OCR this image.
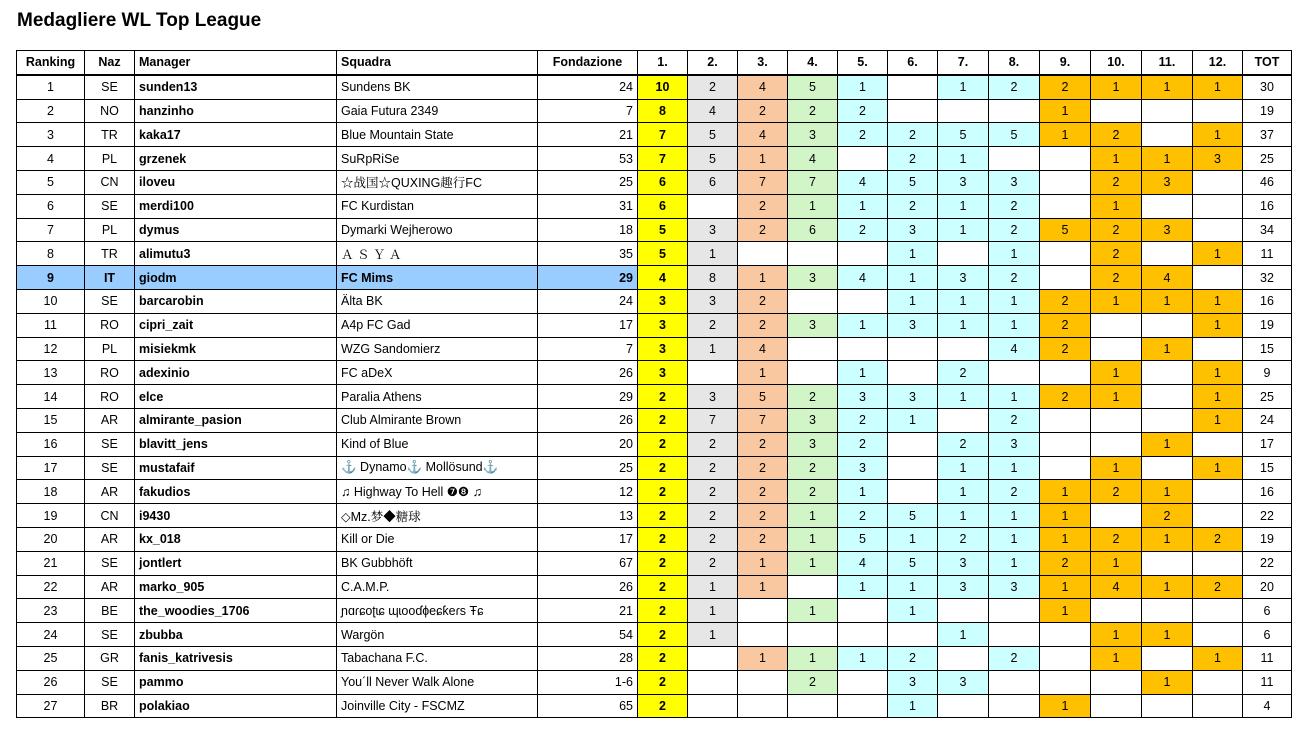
Medagliere WL Top League
Ranking	Naz	Manager	Squadra	Fondazione	1.	2.	3.	4.	5.	6.	7.	8.	9.	10.	11.	12.	TOT
1	SE	sunden13	Sundens BK	24	10	2	4	5	1		1	2	2	1	1	1	30
2	NO	hanzinho	Gaia Futura 2349	7	8	4	2	2	2				1				19
3	TR	kaka17	Blue Mountain State	21	7	5	4	3	2	2	5	5	1	2		1	37
4	PL	grzenek	SuRpRiSe	53	7	5	1	4		2	1			1	1	3	25
5	CN	iloveu	☆战国☆QUXING趣行FC	25	6	6	7	7	4	5	3	3		2	3		46
6	SE	merdi100	FC Kurdistan	31	6		2	1	1	2	1	2		1			16
7	PL	dymus	Dymarki Wejherowo	18	5	3	2	6	2	3	1	2	5	2	3		34
8	TR	alimutu3	Ａ Ｓ Ｙ Ａ	35	5	1				1		1		2		1	11
9	IT	giodm	FC Mims	29	4	8	1	3	4	1	3	2		2	4		32
10	SE	barcarobin	Älta BK	24	3	3	2			1	1	1	2	1	1	1	16
11	RO	cipri_zait	A4p FC Gad	17	3	2	2	3	1	3	1	1	2			1	19
12	PL	misiekmk	WZG Sandomierz	7	3	1	4					4	2		1		15
13	RO	adexinio	FC aDeX	26	3		1		1		2			1		1	9
14	RO	elce	Paralia Athens	29	2	3	5	2	3	3	1	1	2	1		1	25
15	AR	almirante_pasion	Club Almirante Brown	26	2	7	7	3	2	1		2				1	24
16	SE	blavitt_jens	Kind of Blue	20	2	2	2	3	2		2	3			1		17
17	SE	mustafaif	⚓ Dynamo⚓ Mollösund⚓	25	2	2	2	2	3		1	1		1		1	15
18	AR	fakudios	♫ Highway To Hell ❼❽ ♫	12	2	2	2	2	1		1	2	1	2	1		16
19	CN	i9430	◇Mz.梦◆糖球	13	2	2	2	1	2	5	1	1	1		2		22
20	AR	kx_018	Kill or Die	17	2	2	2	1	5	1	2	1	1	2	1	2	19
21	SE	jontlert	BK Gubbhöft	67	2	2	1	1	4	5	3	1	2	1			22
22	AR	marko_905	C.A.M.P.	26	2	1	1		1	1	3	3	1	4	1	2	20
23	BE	the_woodies_1706	ɲɑɾɕoʈɩɕ ɰɩooɗɸeɕƙeɾs Ŧɕ	21	2	1		1		1			1				6
24	SE	zbubba	Wargön	54	2	1					1			1	1		6
25	GR	fanis_katrivesis	Tabachana F.C.	28	2		1	1	1	2		2		1		1	11
26	SE	pammo	You´ll Never Walk Alone	1-6	2			2		3	3				1		11
27	BR	polakiao	Joinville City - FSCMZ	65	2					1			1				4
